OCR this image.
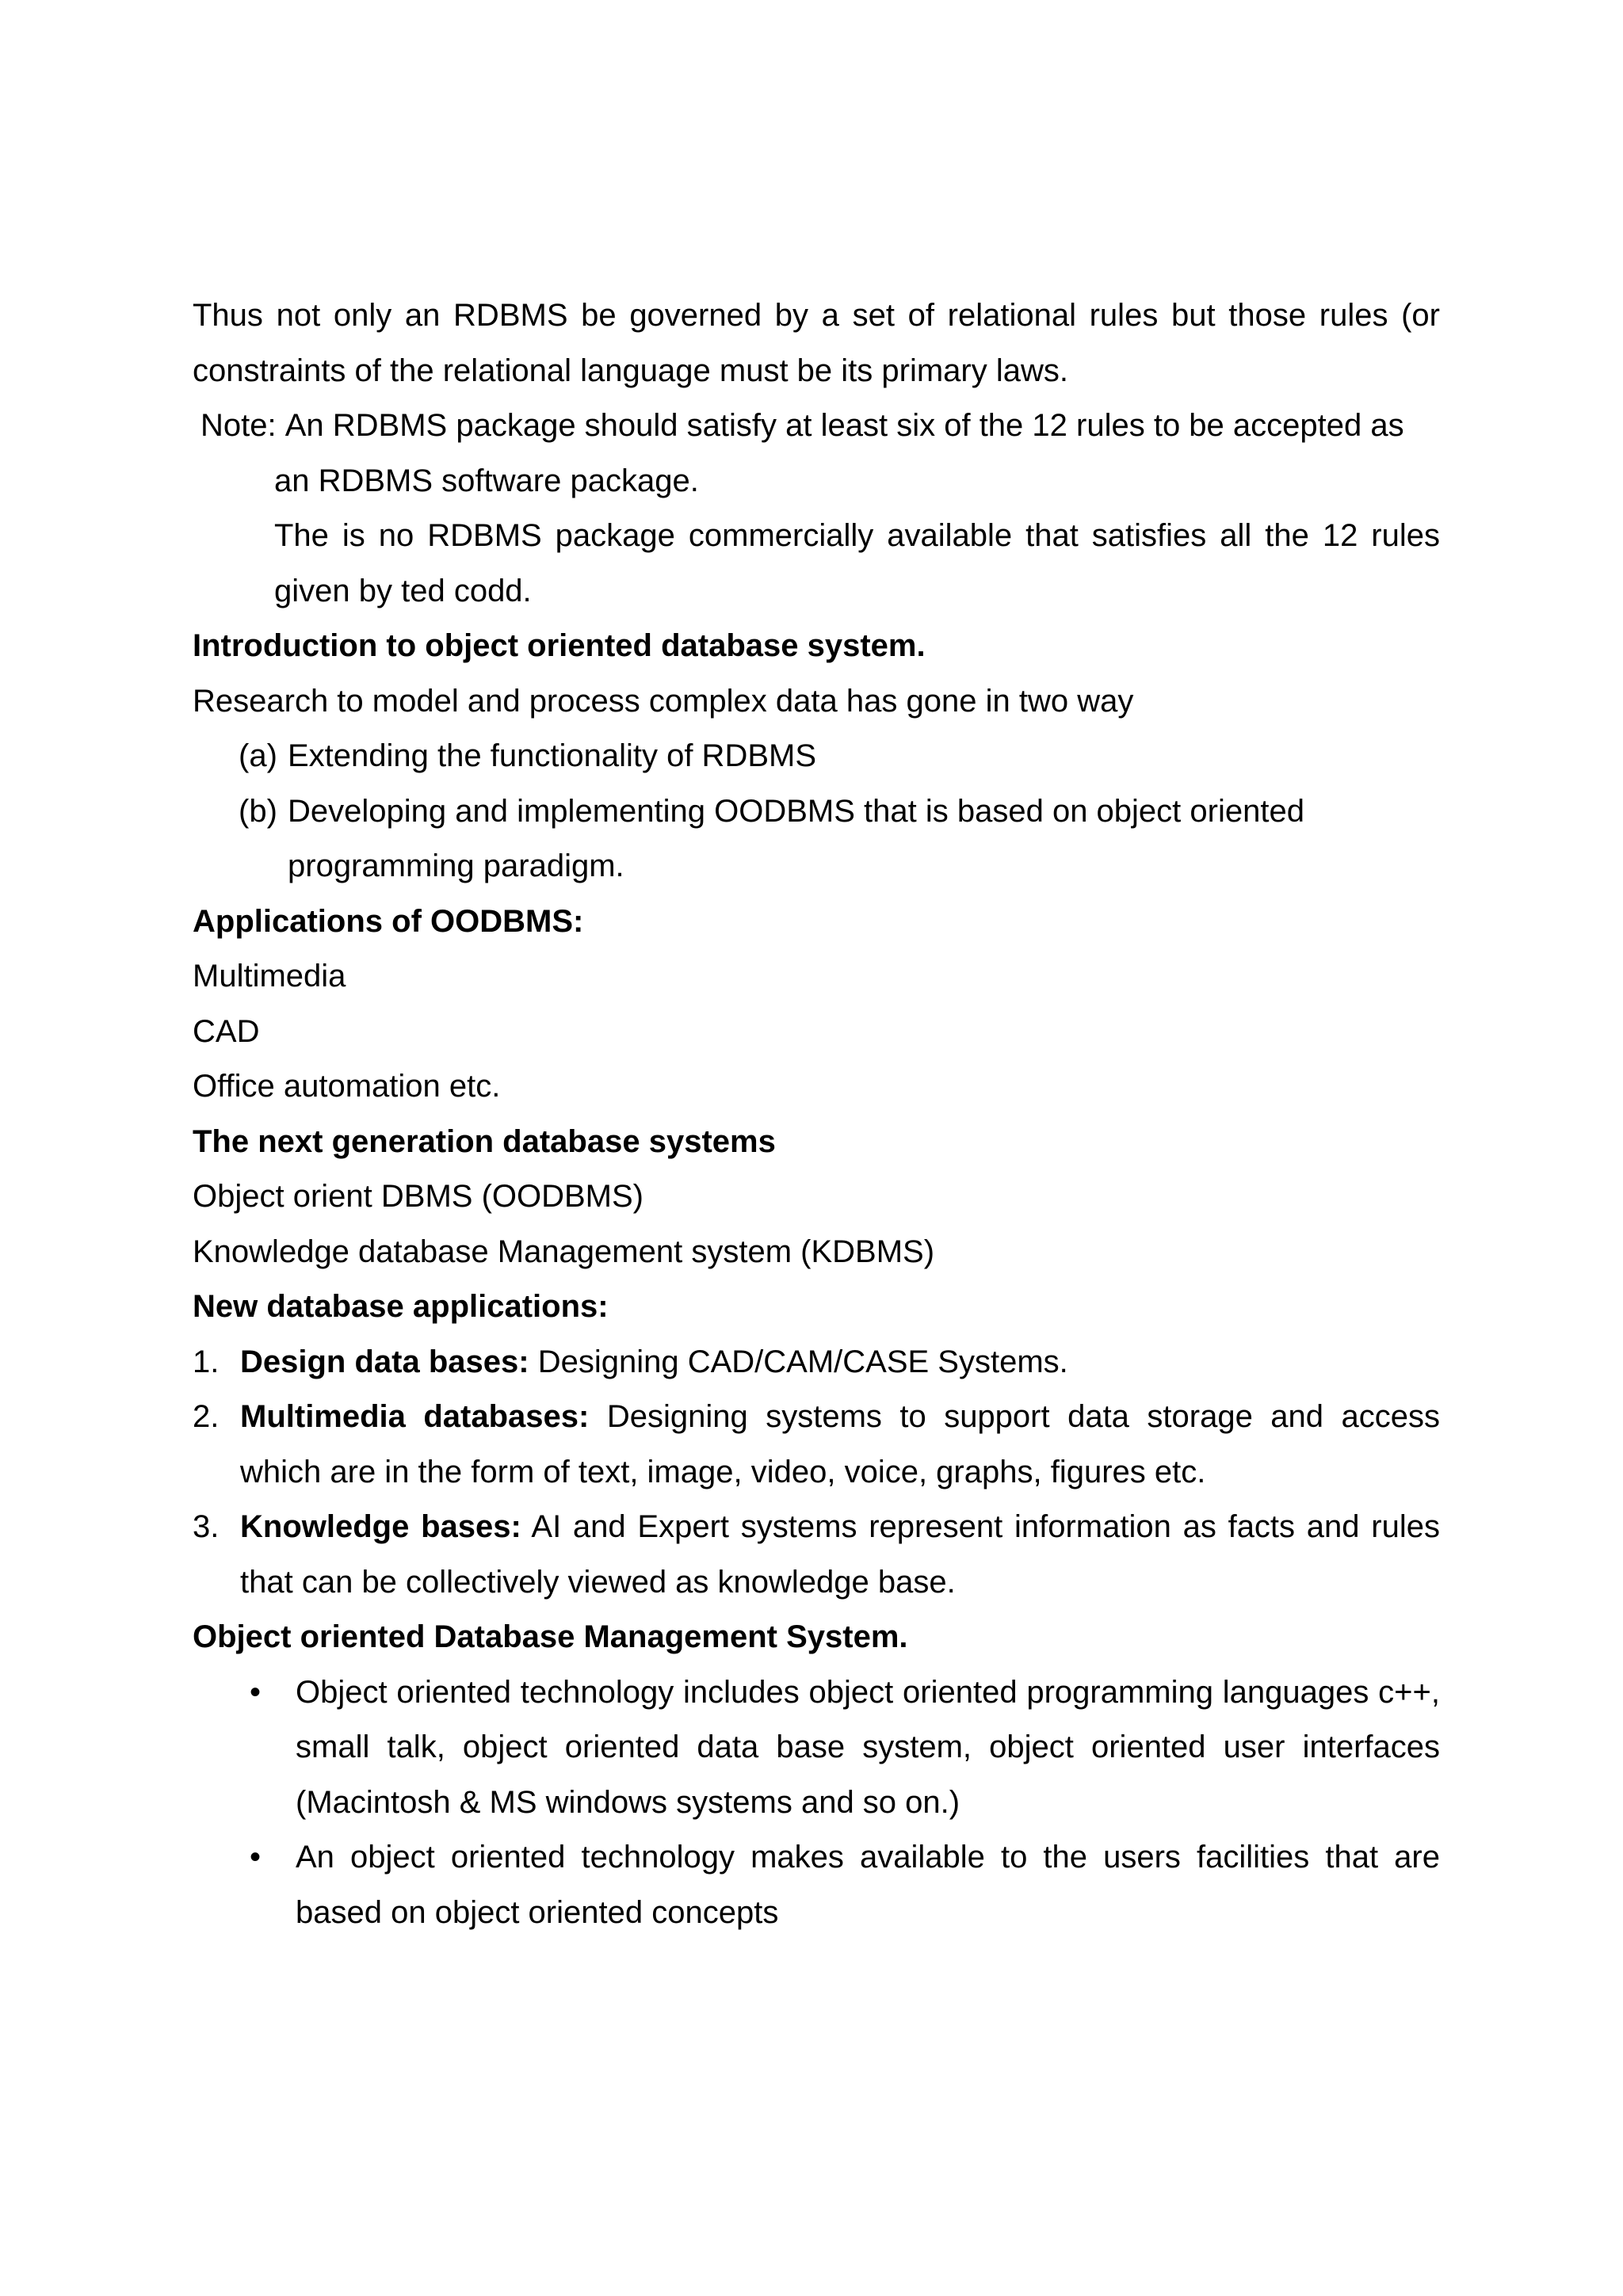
Thus not only an RDBMS be governed by a set of relational rules but those rules (or constraints of the relational language must be its primary laws.

Note:
An RDBMS package should satisfy at least six of the 12 rules to be accepted as

an RDBMS software package.

The is no RDBMS package commercially available that satisfies all the 12 rules given by ted codd.

Introduction to object oriented database system.

Research to model and process complex data has gone in two way

(a) Extending the functionality of RDBMS
(b) Developing and implementing OODBMS that is based on object oriented

programming paradigm.

Applications of OODBMS:

Multimedia

CAD

Office automation etc.

The next generation database systems

Object orient DBMS (OODBMS)

Knowledge database Management system (KDBMS)

New database applications:

1. Design data bases: Designing CAD/CAM/CASE Systems.
2. Multimedia databases: Designing systems to support data storage and access which are in the form of text, image, video, voice, graphs, figures etc.
3. Knowledge bases: AI and Expert systems represent information as facts and rules that can be collectively viewed as knowledge base.

Object oriented Database Management System.

•	Object oriented technology includes object oriented programming languages c++, small talk, object oriented data base system, object oriented user interfaces (Macintosh & MS windows systems and so on.)
•	An object oriented technology makes available to the users facilities that are based on object oriented concepts
